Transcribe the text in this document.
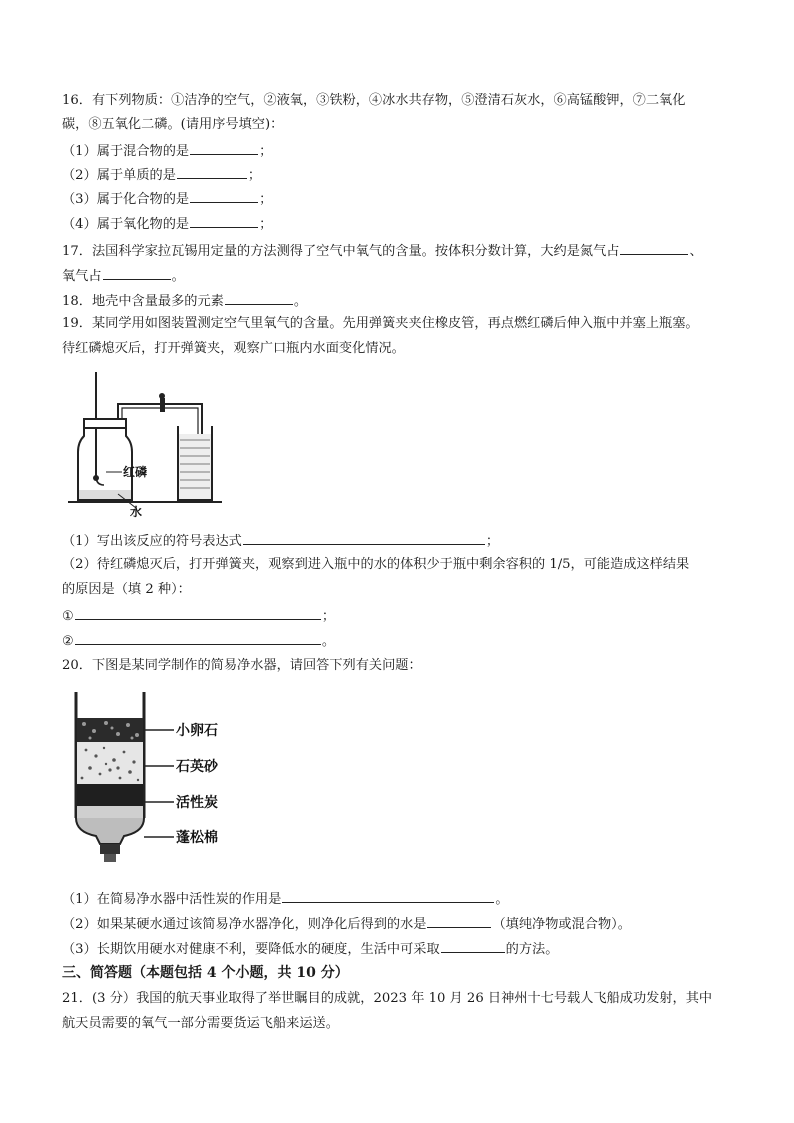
16．有下列物质：①洁净的空气，②液氧，③铁粉，④冰水共存物，⑤澄清石灰水，⑥高锰酸钾，⑦二氧化
碳，⑧五氧化二磷。(请用序号填空)：
（1）属于混合物的是	；
（2）属于单质的是	；
（3）属于化合物的是	；
（4）属于氧化物的是	；
17．法国科学家拉瓦锡用定量的方法测得了空气中氧气的含量。按体积分数计算，大约是氮气占	、
氧气占	。
18．地壳中含量最多的元素	。
19．某同学用如图装置测定空气里氧气的含量。先用弹簧夹夹住橡皮管，再点燃红磷后伸入瓶中并塞上瓶塞。
待红磷熄灭后，打开弹簧夹，观察广口瓶内水面变化情况。
红磷
水
（1）写出该反应的符号表达式	；
（2）待红磷熄灭后，打开弹簧夹，观察到进入瓶中的水的体积少于瓶中剩余容积的 1/5，可能造成这样结果
的原因是（填 2 种）：
①	；
②	。
20．下图是某同学制作的简易净水器，请回答下列有关问题：
小卵石
石英砂
活性炭
蓬松棉
（1）在简易净水器中活性炭的作用是	。
（2）如果某硬水通过该简易净水器净化，则净化后得到的水是	（填纯净物或混合物）。
（3）长期饮用硬水对健康不利，要降低水的硬度，生活中可采取	的方法。
三、简答题（本题包括 4 个小题，共 10 分）
21．(3 分）我国的航天事业取得了举世瞩目的成就，2023 年 10 月 26 日神州十七号载人飞船成功发射，其中
航天员需要的氧气一部分需要货运飞船来运送。
